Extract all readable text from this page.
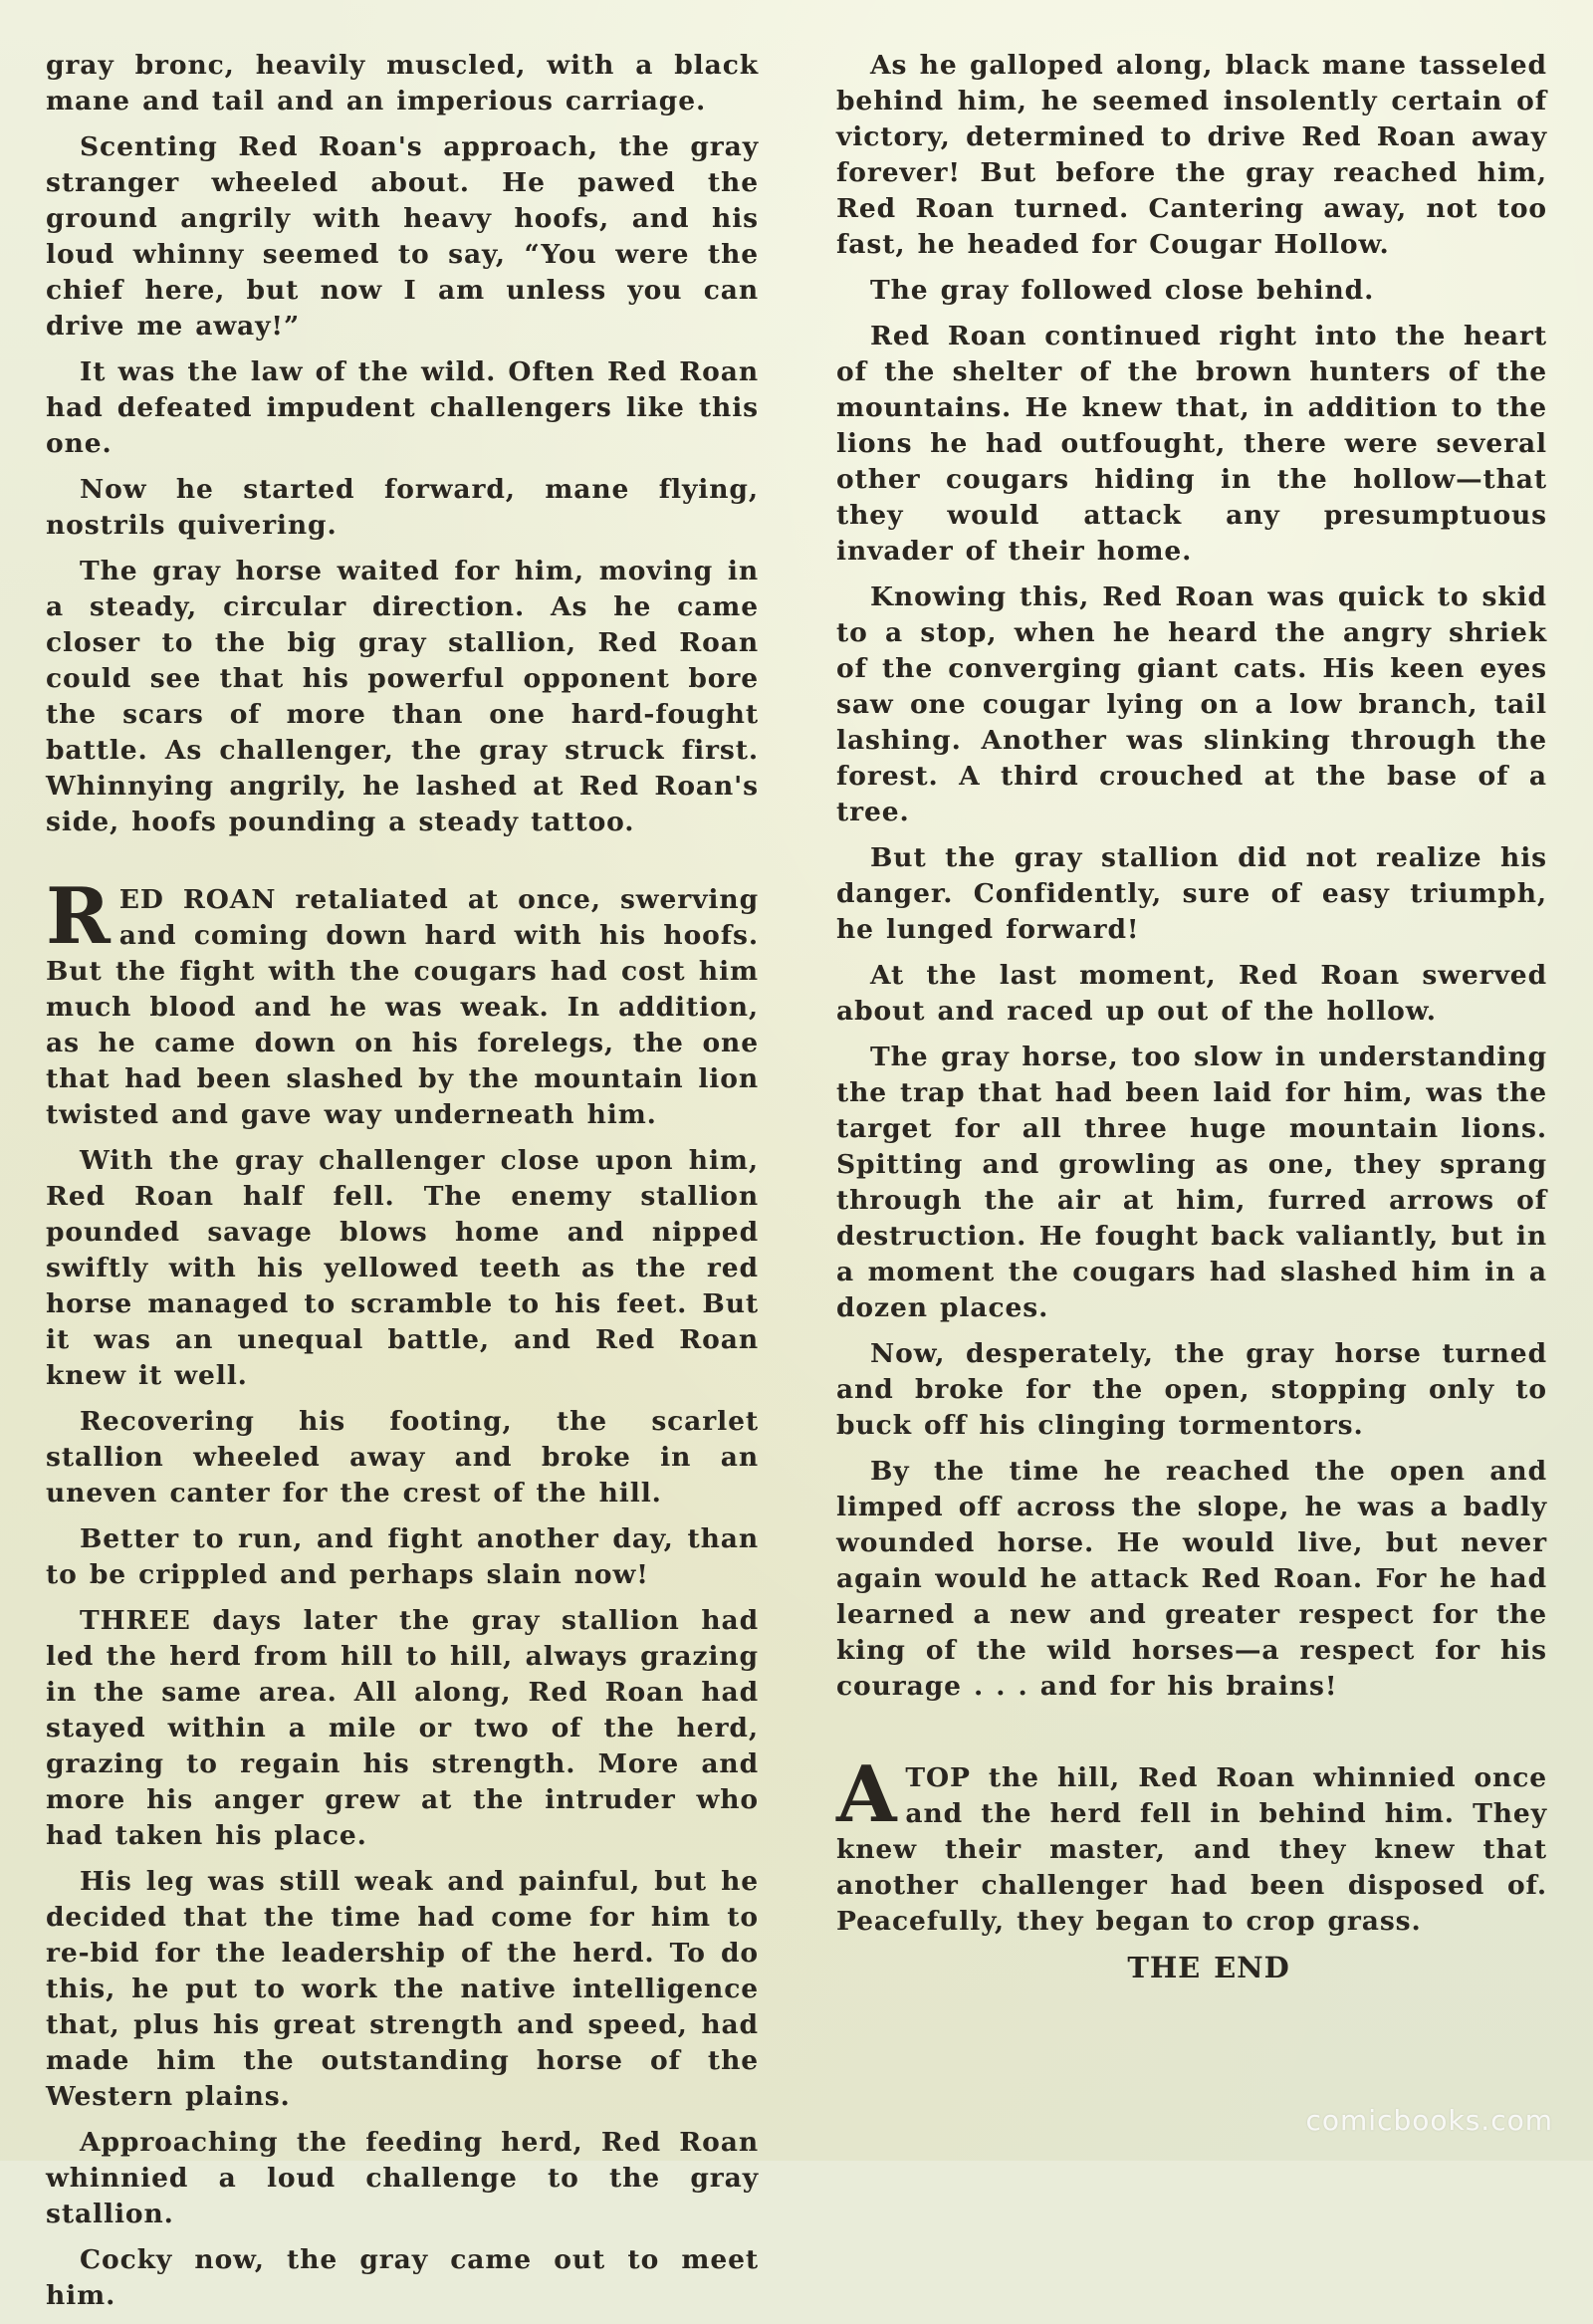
gray bronc, heavily muscled, with a black mane and tail and an imperious carriage.

Scenting Red Roan's approach, the gray stranger wheeled about. He pawed the ground angrily with heavy hoofs, and his loud whinny seemed to say, “You were the chief here, but now I am unless you can drive me away!”

It was the law of the wild. Often Red Roan had defeated impudent challengers like this one.

Now he started forward, mane flying, nostrils quivering.

The gray horse waited for him, moving in a steady, circular direction. As he came closer to the big gray stallion, Red Roan could see that his powerful opponent bore the scars of more than one hard-fought battle. As challenger, the gray struck first. Whinnying angrily, he lashed at Red Roan's side, hoofs pounding a steady tattoo.

RED ROAN retaliated at once, swerving and coming down hard with his hoofs. But the fight with the cougars had cost him much blood and he was weak. In addition, as he came down on his forelegs, the one that had been slashed by the mountain lion twisted and gave way underneath him.

With the gray challenger close upon him, Red Roan half fell. The enemy stallion pounded savage blows home and nipped swiftly with his yellowed teeth as the red horse managed to scramble to his feet. But it was an unequal battle, and Red Roan knew it well.

Recovering his footing, the scarlet stallion wheeled away and broke in an uneven canter for the crest of the hill.

Better to run, and fight another day, than to be crippled and perhaps slain now!

THREE days later the gray stallion had led the herd from hill to hill, always grazing in the same area. All along, Red Roan had stayed within a mile or two of the herd, grazing to regain his strength. More and more his anger grew at the intruder who had taken his place.

His leg was still weak and painful, but he decided that the time had come for him to re-bid for the leadership of the herd. To do this, he put to work the native intelligence that, plus his great strength and speed, had made him the outstanding horse of the Western plains.

Approaching the feeding herd, Red Roan whinnied a loud challenge to the gray stallion.

Cocky now, the gray came out to meet him.

As he galloped along, black mane tasseled behind him, he seemed insolently certain of victory, determined to drive Red Roan away forever! But before the gray reached him, Red Roan turned. Cantering away, not too fast, he headed for Cougar Hollow.

The gray followed close behind.

Red Roan continued right into the heart of the shelter of the brown hunters of the mountains. He knew that, in addition to the lions he had outfought, there were several other cougars hiding in the hollow—that they would attack any presumptuous invader of their home.

Knowing this, Red Roan was quick to skid to a stop, when he heard the angry shriek of the converging giant cats. His keen eyes saw one cougar lying on a low branch, tail lashing. Another was slinking through the forest. A third crouched at the base of a tree.

But the gray stallion did not realize his danger. Confidently, sure of easy triumph, he lunged forward!

At the last moment, Red Roan swerved about and raced up out of the hollow.

The gray horse, too slow in understanding the trap that had been laid for him, was the target for all three huge mountain lions. Spitting and growling as one, they sprang through the air at him, furred arrows of destruction. He fought back valiantly, but in a moment the cougars had slashed him in a dozen places.

Now, desperately, the gray horse turned and broke for the open, stopping only to buck off his clinging tormentors.

By the time he reached the open and limped off across the slope, he was a badly wounded horse. He would live, but never again would he attack Red Roan. For he had learned a new and greater respect for the king of the wild horses—a respect for his courage . . . and for his brains!

ATOP the hill, Red Roan whinnied once and the herd fell in behind him. They knew their master, and they knew that another challenger had been disposed of. Peacefully, they began to crop grass.

THE END

comicbooks.com
